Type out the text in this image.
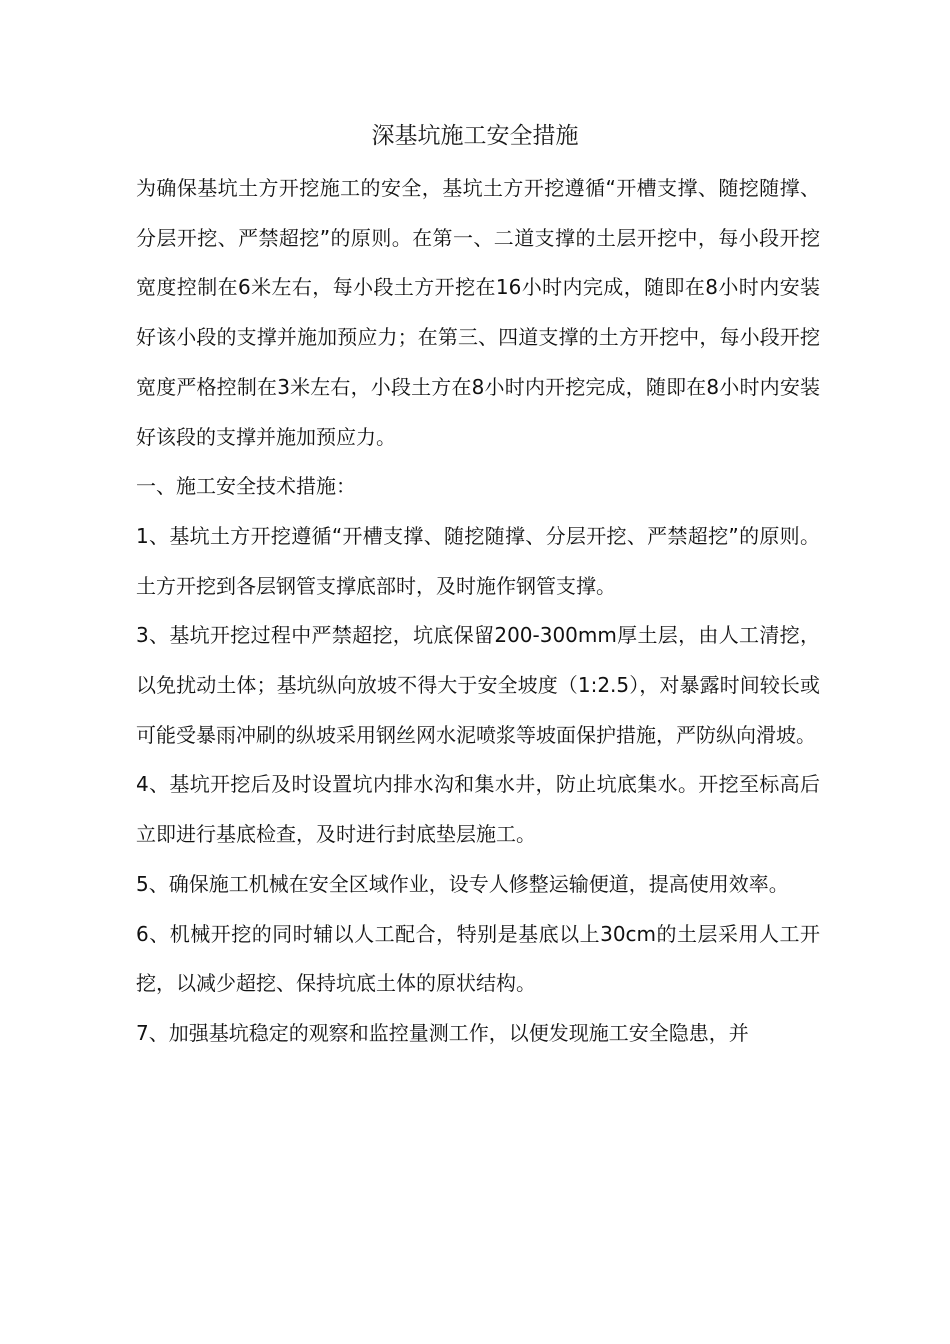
深基坑施工安全措施

为确保基坑土方开挖施工的安全，基坑土方开挖遵循“开槽支撑、随挖随撑、分层开挖、严禁超挖”的原则。在第一、二道支撑的土层开挖中，每小段开挖宽度控制在6米左右，每小段土方开挖在16小时内完成，随即在8小时内安装好该小段的支撑并施加预应力；在第三、四道支撑的土方开挖中，每小段开挖宽度严格控制在3米左右，小段土方在8小时内开挖完成，随即在8小时内安装好该段的支撑并施加预应力。

一、施工安全技术措施：

1、基坑土方开挖遵循“开槽支撑、随挖随撑、分层开挖、严禁超挖”的原则。土方开挖到各层钢管支撑底部时，及时施作钢管支撑。

3、基坑开挖过程中严禁超挖，坑底保留200-300mm厚土层，由人工清挖，以免扰动土体；基坑纵向放坡不得大于安全坡度（1:2.5），对暴露时间较长或可能受暴雨冲刷的纵坡采用钢丝网水泥喷浆等坡面保护措施，严防纵向滑坡。

4、基坑开挖后及时设置坑内排水沟和集水井，防止坑底集水。开挖至标高后立即进行基底检查，及时进行封底垫层施工。

5、确保施工机械在安全区域作业，设专人修整运输便道，提高使用效率。

6、机械开挖的同时辅以人工配合，特别是基底以上30cm的土层采用人工开挖，以减少超挖、保持坑底土体的原状结构。

7、加强基坑稳定的观察和监控量测工作，以便发现施工安全隐患，并
